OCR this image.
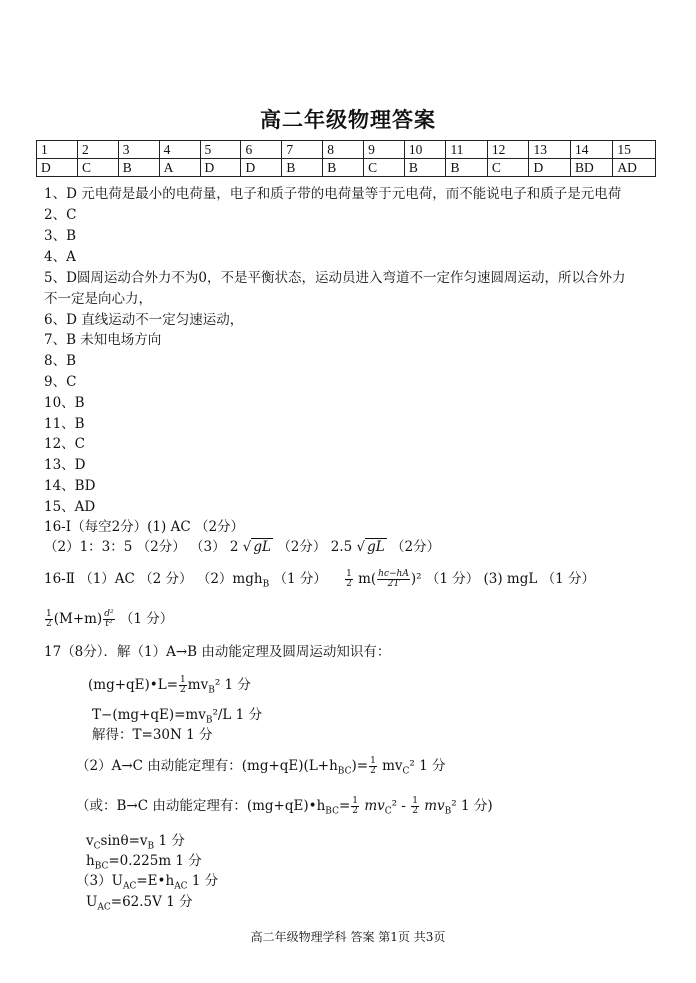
高二年级物理答案
1	2	3	4	5	6	7	8	9	10	11	12	13	14	15
D	C	B	A	D	D	B	B	C	B	B	C	D	BD	AD
1、D 元电荷是最小的电荷量，电子和质子带的电荷量等于元电荷，而不能说电子和质子是元电荷
2、C
3、B
4、A
5、D圆周运动合外力不为0，不是平衡状态，运动员进入弯道不一定作匀速圆周运动，所以合外力
不一定是向心力，
6、D 直线运动不一定匀速运动，
7、B 未知电场方向
8、B
9、C
10、B
11、B
12、C
13、D
14、BD
15、AD
16-Ⅰ（每空2分）(1) AC （2分）
（2）1：3：5 （2分） （3） 2 √ gL （2分） 2.5 √ gL （2分）
16-Ⅱ （1）AC （2 分） （2）mgh$_B$ （1 分） $\frac{1}{2} m( \frac{hc-hA}{2T} )^2$ （1 分） (3) mgL （1 分）
$\frac{1}{2} (M+m) \frac{\text{d²}}{\text{t²}} (1$ 分）
17（8分）．解（1）A→B 由动能定理及圆周运动知识有：
(mg+qE)•L= $\frac{1}{2} mv_B^2$ 1 分
$T-(mg+qE)=mv_B^2/L$ 1 分
解得：T=30N 1 分
（2）A→C 由动能定理有：$(mg+qE)(L+h_{BC})= \frac{1}{2} mv_C^2$ 1 分
（或：B→C 由动能定理有：$(mg+qE)•h_{BC}= \frac{1}{2} mv_C^2 - \frac{1}{2} mv_B^2$ 1 分)
$v_C\sin\theta=v_B$ 1 分
$h_{BC}=0.225m$ 1 分
$(3)U_{AC}=E•h_{AC}$ 1 分
$U_{AC}=62.5V$ 1 分
高二年级物理学科 答案 第1页 共3页
